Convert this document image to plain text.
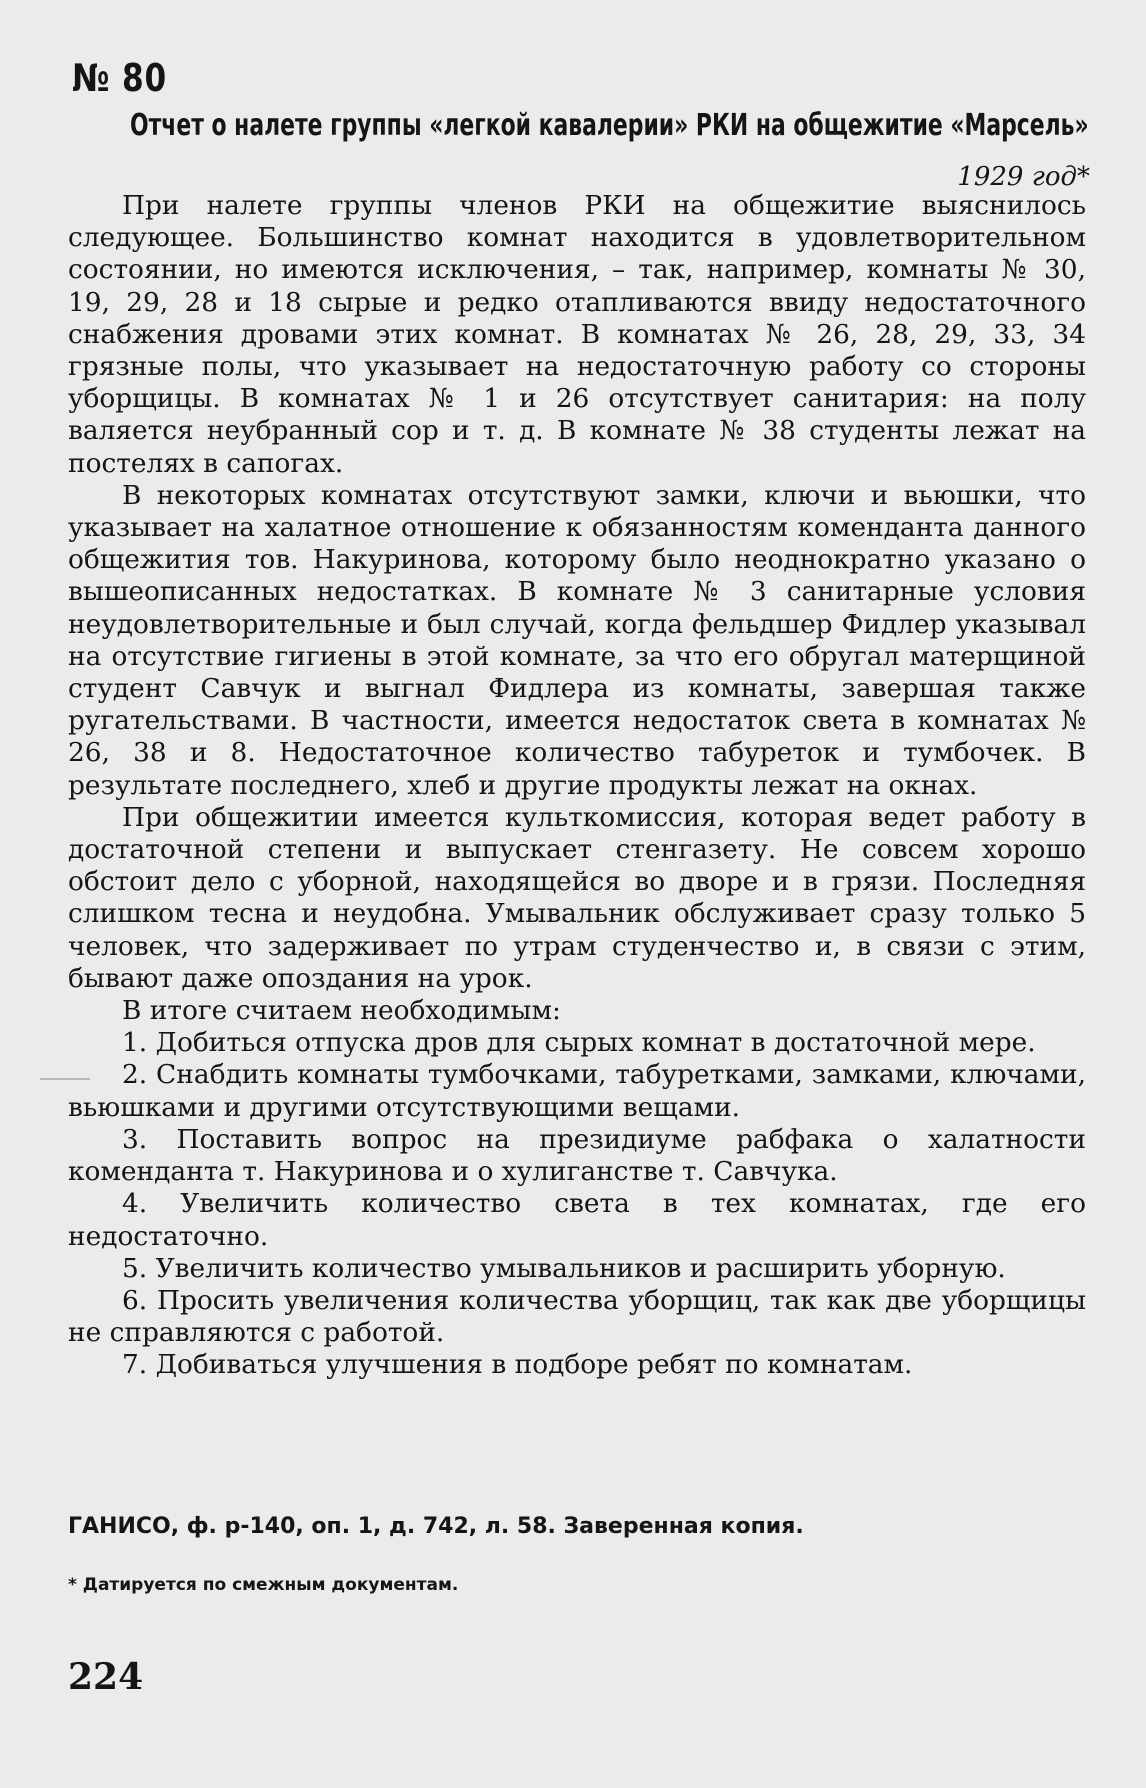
№ 80
Отчет о налете группы «легкой кавалерии» РКИ на общежитие «Марсель»
1929 год*

При налете группы членов РКИ на общежитие выяснилось следующее. Большинство комнат находится в удовлетворительном состоянии, но имеются исключения, – так, например, комнаты № 30, 19, 29, 28 и 18 сырые и редко отапливаются ввиду недостаточного снабжения дровами этих комнат. В комнатах № 26, 28, 29, 33, 34 грязные полы, что указывает на недостаточную работу со стороны уборщицы. В комнатах № 1 и 26 отсутствует санитария: на полу валяется неубранный сор и т. д. В комнате № 38 студенты лежат на постелях в сапогах.

В некоторых комнатах отсутствуют замки, ключи и вьюшки, что указывает на халатное отношение к обязанностям коменданта данного общежития тов. Накуринова, которому было неоднократно указано о вышеописанных недостатках. В комнате № 3 санитарные условия неудовлетворительные и был случай, когда фельдшер Фидлер указывал на отсутствие гигиены в этой комнате, за что его обругал матерщиной студент Савчук и выгнал Фидлера из комнаты, завершая также ругательствами. В частности, имеется недостаток света в комнатах № 26, 38 и 8. Недостаточное количество табуреток и тумбочек. В результате последнего, хлеб и другие продукты лежат на окнах.

При общежитии имеется культкомиссия, которая ведет работу в достаточной степени и выпускает стенгазету. Не совсем хорошо обстоит дело с уборной, находящейся во дворе и в грязи. Последняя слишком тесна и неудобна. Умывальник обслуживает сразу только 5 человек, что задерживает по утрам студенчество и, в связи с этим, бывают даже опоздания на урок.

В итоге считаем необходимым:

1. Добиться отпуска дров для сырых комнат в достаточной мере.

2. Снабдить комнаты тумбочками, табуретками, замками, ключами, вьюшками и другими отсутствующими вещами.

3. Поставить вопрос на президиуме рабфака о халатности коменданта т. Накуринова и о хулиганстве т. Савчука.

4. Увеличить количество света в тех комнатах, где его недостаточно.

5. Увеличить количество умывальников и расширить уборную.

6. Просить увеличения количества уборщиц, так как две уборщицы не справляются с работой.

7. Добиваться улучшения в подборе ребят по комнатам.

ГАНИСО, ф. р-140, оп. 1, д. 742, л. 58. Заверенная копия.
* Датируется по смежным документам.
224
